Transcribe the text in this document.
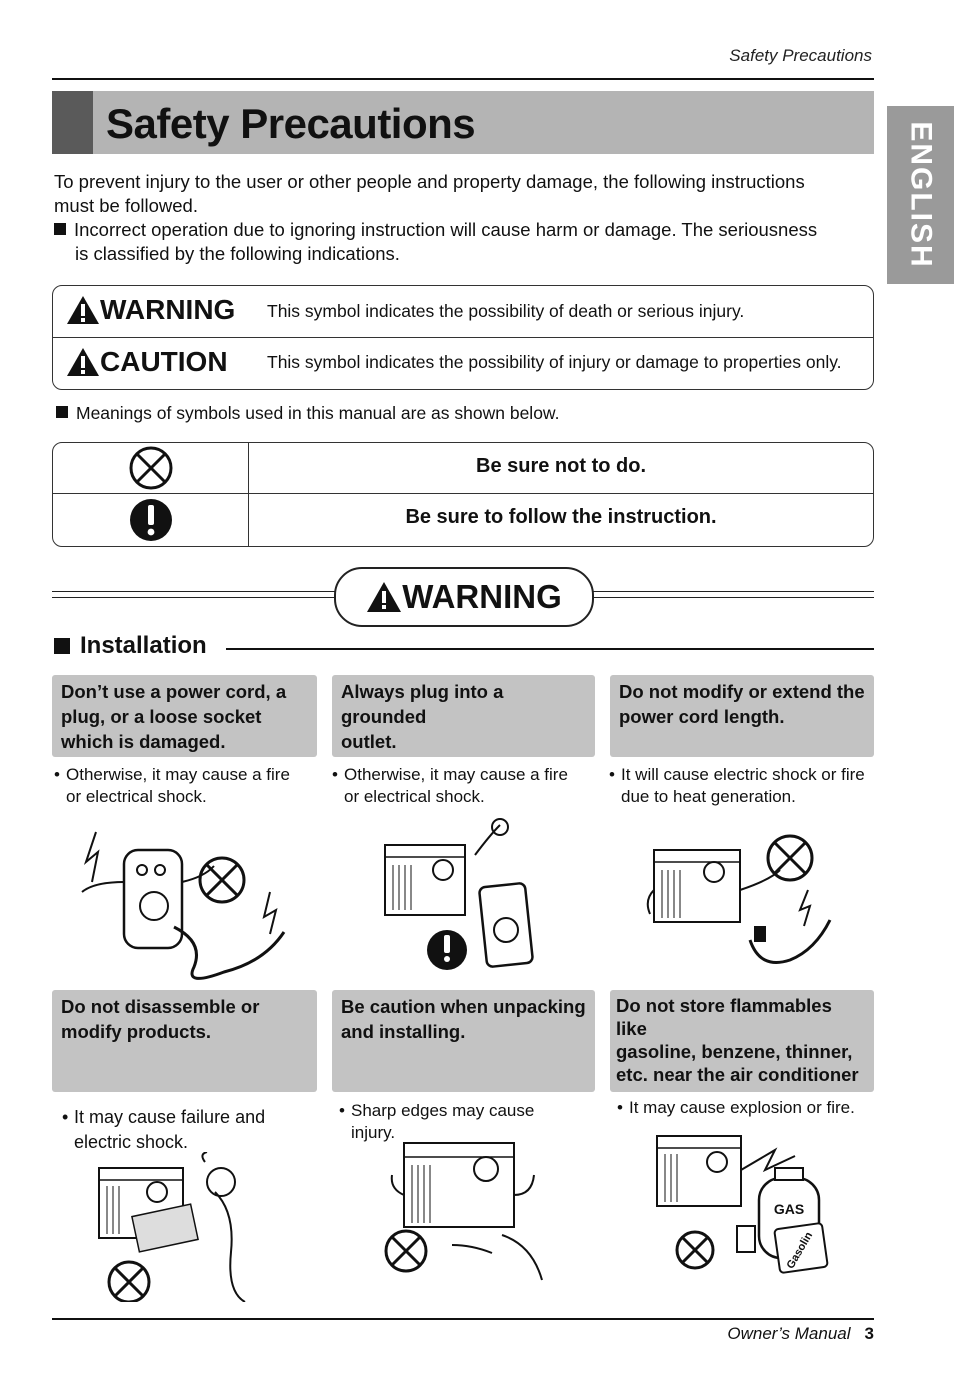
Safety Precautions
Safety Precautions	ENGLISH
To prevent injury to the user or other people and property damage, the following instructions
must be followed.
Incorrect operation due to ignoring instruction will cause harm or damage. The seriousness
is classified by the following indications.
WARNING This symbol indicates the possibility of death or serious injury.
CAUTION This symbol indicates the possibility of injury or damage to properties only.
Meanings of symbols used in this manual are as shown below.
Be sure not to do.
Be sure to follow the instruction.
WARNING
Installation
Don’t use a power cord, a
plug, or a loose socket
which is damaged.
Always plug into a grounded
outlet.
Do not modify or extend the
power cord length.
• Otherwise, it may cause a fire
or electrical shock.
• Otherwise, it may cause a fire
or electrical shock.
• It will cause electric shock or fire
due to heat generation.
Do not disassemble or
modify products.
Be caution when unpacking
and installing.
Do not store flammables like
gasoline, benzene, thinner,
etc. near the air conditioner
• It may cause failure and
electric shock.
• Sharp edges may cause
injury.
• It may cause explosion or fire.
GAS
Gasolin
Owner’s Manual 3
